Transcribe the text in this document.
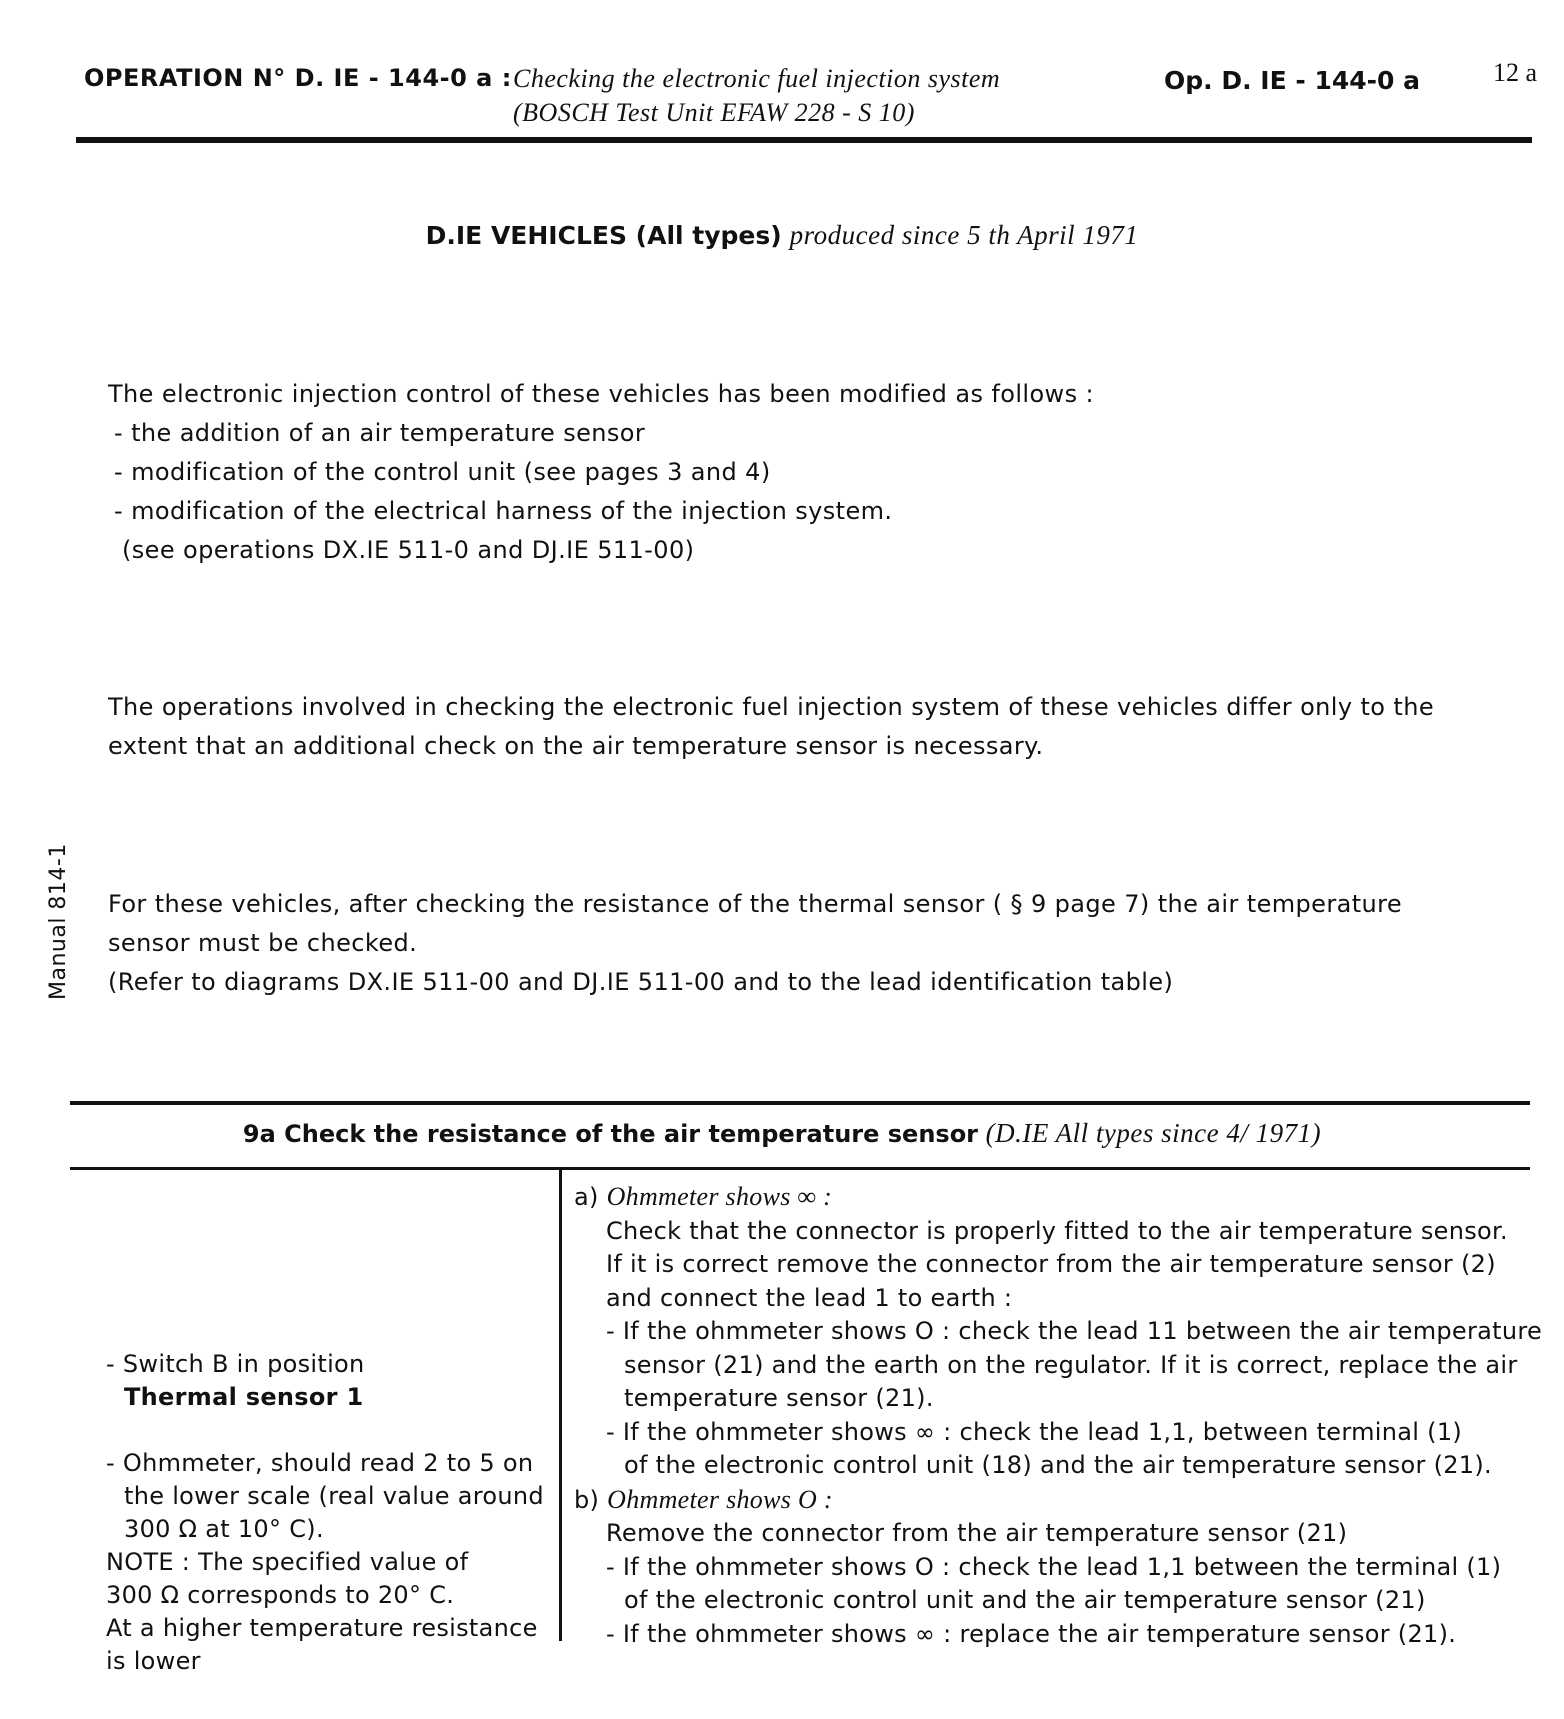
OPERATION N° D. IE - 144-0 a : Checking the electronic fuel injection system
(BOSCH Test Unit EFAW 228 - S 10)
Op. D. IE - 144-0 a	12 a
D.IE VEHICLES (All types) produced since 5 th April 1971
The electronic injection control of these vehicles has been modified as follows :
- the addition of an air temperature sensor
- modification of the control unit (see pages 3 and 4)
- modification of the electrical harness of the injection system.
(see operations DX.IE 511-0 and DJ.IE 511-00)
The operations involved in checking the electronic fuel injection system of these vehicles differ only to the
extent that an additional check on the air temperature sensor is necessary.
For these vehicles, after checking the resistance of the thermal sensor ( § 9 page 7) the air temperature
sensor must be checked.
(Refer to diagrams DX.IE 511-00 and DJ.IE 511-00 and to the lead identification table)
Manual 814-1
9a Check the resistance of the air temperature sensor (D.IE All types since 4/ 1971)
- Switch B in position
Thermal sensor 1
- Ohmmeter, should read 2 to 5 on
the lower scale (real value around
300 Ω at 10° C).
NOTE : The specified value of
300 Ω corresponds to 20° C.
At a higher temperature resistance
is lower
a) Ohmmeter shows ∞ :
Check that the connector is properly fitted to the air temperature sensor.
If it is correct remove the connector from the air temperature sensor (2)
and connect the lead 1 to earth :
- If the ohmmeter shows O : check the lead 11 between the air temperature
sensor (21) and the earth on the regulator. If it is correct, replace the air
temperature sensor (21).
- If the ohmmeter shows ∞ : check the lead 1,1, between terminal (1)
of the electronic control unit (18) and the air temperature sensor (21).
b) Ohmmeter shows O :
Remove the connector from the air temperature sensor (21)
- If the ohmmeter shows O : check the lead 1,1 between the terminal (1)
of the electronic control unit and the air temperature sensor (21)
- If the ohmmeter shows ∞ : replace the air temperature sensor (21).
